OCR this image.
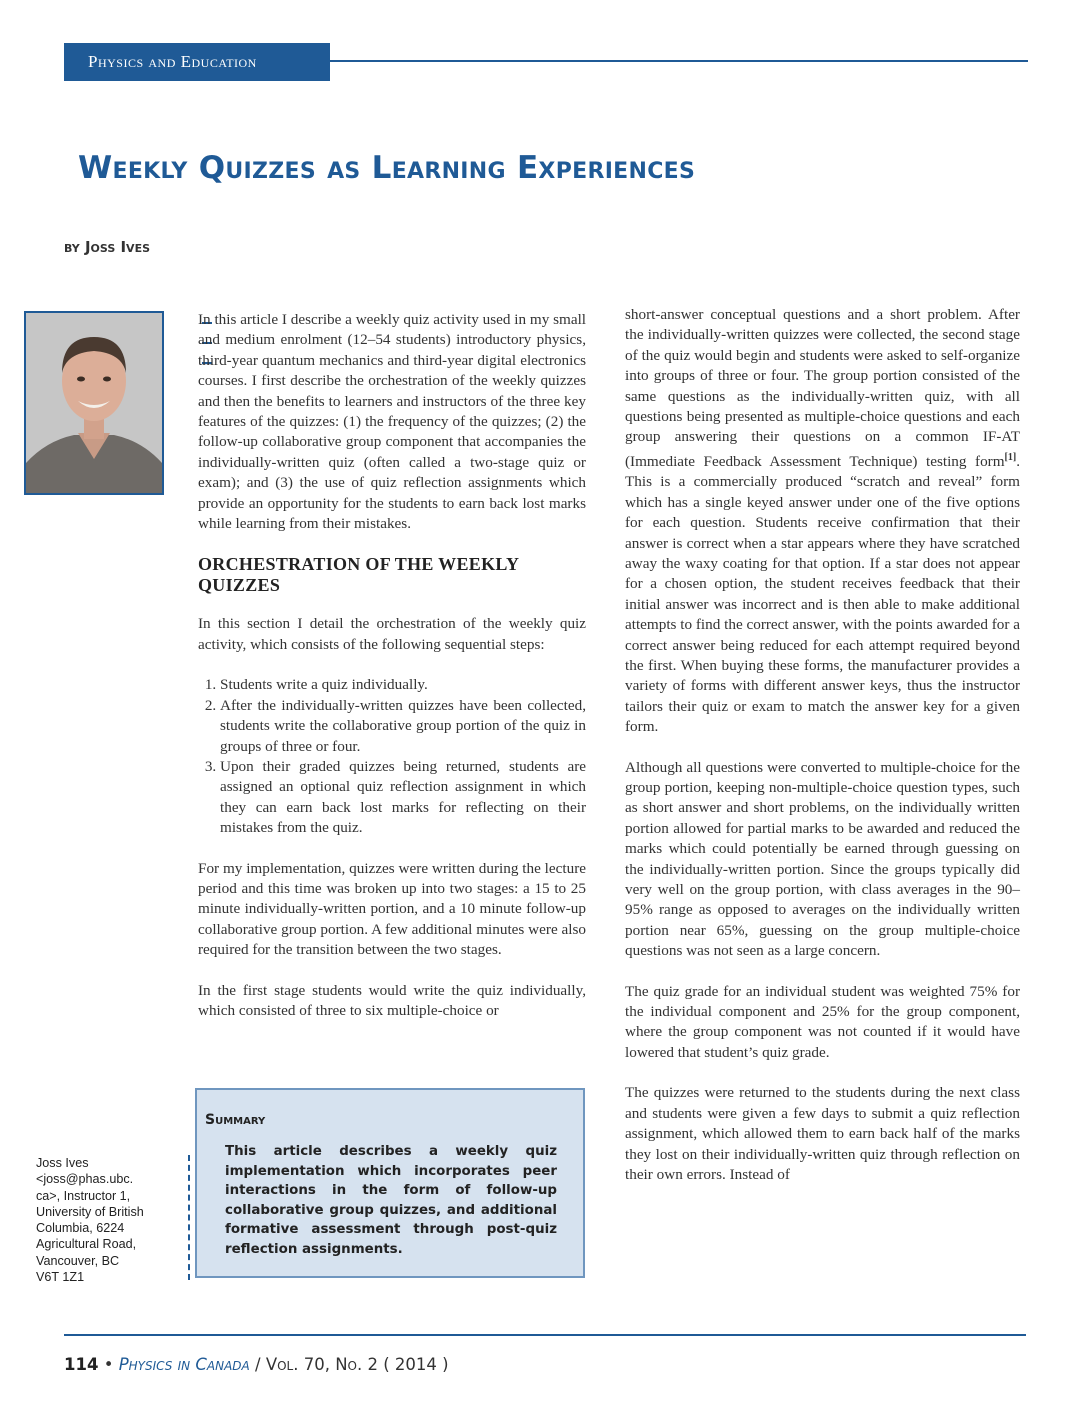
Physics and Education
Weekly Quizzes as Learning Experiences
by Joss Ives

In this article I describe a weekly quiz activity used in my small and medium enrolment (12–54 students) introductory physics, third-year quantum mechanics and third-year digital electronics courses. I first describe the orchestration of the weekly quizzes and then the benefits to learners and instructors of the three key features of the quizzes: (1) the frequency of the quizzes; (2) the follow-up collaborative group component that accompanies the individually-written quiz (often called a two-stage quiz or exam); and (3) the use of quiz reflection assignments which provide an opportunity for the students to earn back lost marks while learning from their mistakes.

ORCHESTRATION OF THE WEEKLY QUIZZES

In this section I detail the orchestration of the weekly quiz activity, which consists of the following sequential steps:

1. Students write a quiz individually.
2. After the individually-written quizzes have been collected, students write the collaborative group portion of the quiz in groups of three or four.
3. Upon their graded quizzes being returned, students are assigned an optional quiz reflection assignment in which they can earn back lost marks for reflecting on their mistakes from the quiz.

For my implementation, quizzes were written during the lecture period and this time was broken up into two stages: a 15 to 25 minute individually-written portion, and a 10 minute follow-up collaborative group portion. A few additional minutes were also required for the transition between the two stages.

In the first stage students would write the quiz individually, which consisted of three to six multiple-choice or

short-answer conceptual questions and a short problem. After the individually-written quizzes were collected, the second stage of the quiz would begin and students were asked to self-organize into groups of three or four. The group portion consisted of the same questions as the individually-written quiz, with all questions being presented as multiple-choice questions and each group answering their questions on a common IF-AT (Immediate Feedback Assessment Technique) testing form[1]. This is a commercially produced “scratch and reveal” form which has a single keyed answer under one of the five options for each question. Students receive confirmation that their answer is correct when a star appears where they have scratched away the waxy coating for that option. If a star does not appear for a chosen option, the student receives feedback that their initial answer was incorrect and is then able to make additional attempts to find the correct answer, with the points awarded for a correct answer being reduced for each attempt required beyond the first. When buying these forms, the manufacturer provides a variety of forms with different answer keys, thus the instructor tailors their quiz or exam to match the answer key for a given form.

Although all questions were converted to multiple-choice for the group portion, keeping non-multiple-choice question types, such as short answer and short problems, on the individually written portion allowed for partial marks to be awarded and reduced the marks which could potentially be earned through guessing on the individually-written portion. Since the groups typically did very well on the group portion, with class averages in the 90–95% range as opposed to averages on the individually written portion near 65%, guessing on the group multiple-choice questions was not seen as a large concern.

The quiz grade for an individual student was weighted 75% for the individual component and 25% for the group component, where the group component was not counted if it would have lowered that student’s quiz grade.

The quizzes were returned to the students during the next class and students were given a few days to submit a quiz reflection assignment, which allowed them to earn back half of the marks they lost on their individually-written quiz through reflection on their own errors. Instead of

Summary
This article describes a weekly quiz implementation which incorporates peer interactions in the form of follow-up collaborative group quizzes, and additional formative assessment through post-quiz reflection assignments.
Joss Ives
<joss@phas.ubc.
ca>, Instructor 1,
University of British
Columbia, 6224
Agricultural Road,
Vancouver, BC
V6T 1Z1
114 • Physics in Canada / Vol. 70, No. 2 ( 2014 )
